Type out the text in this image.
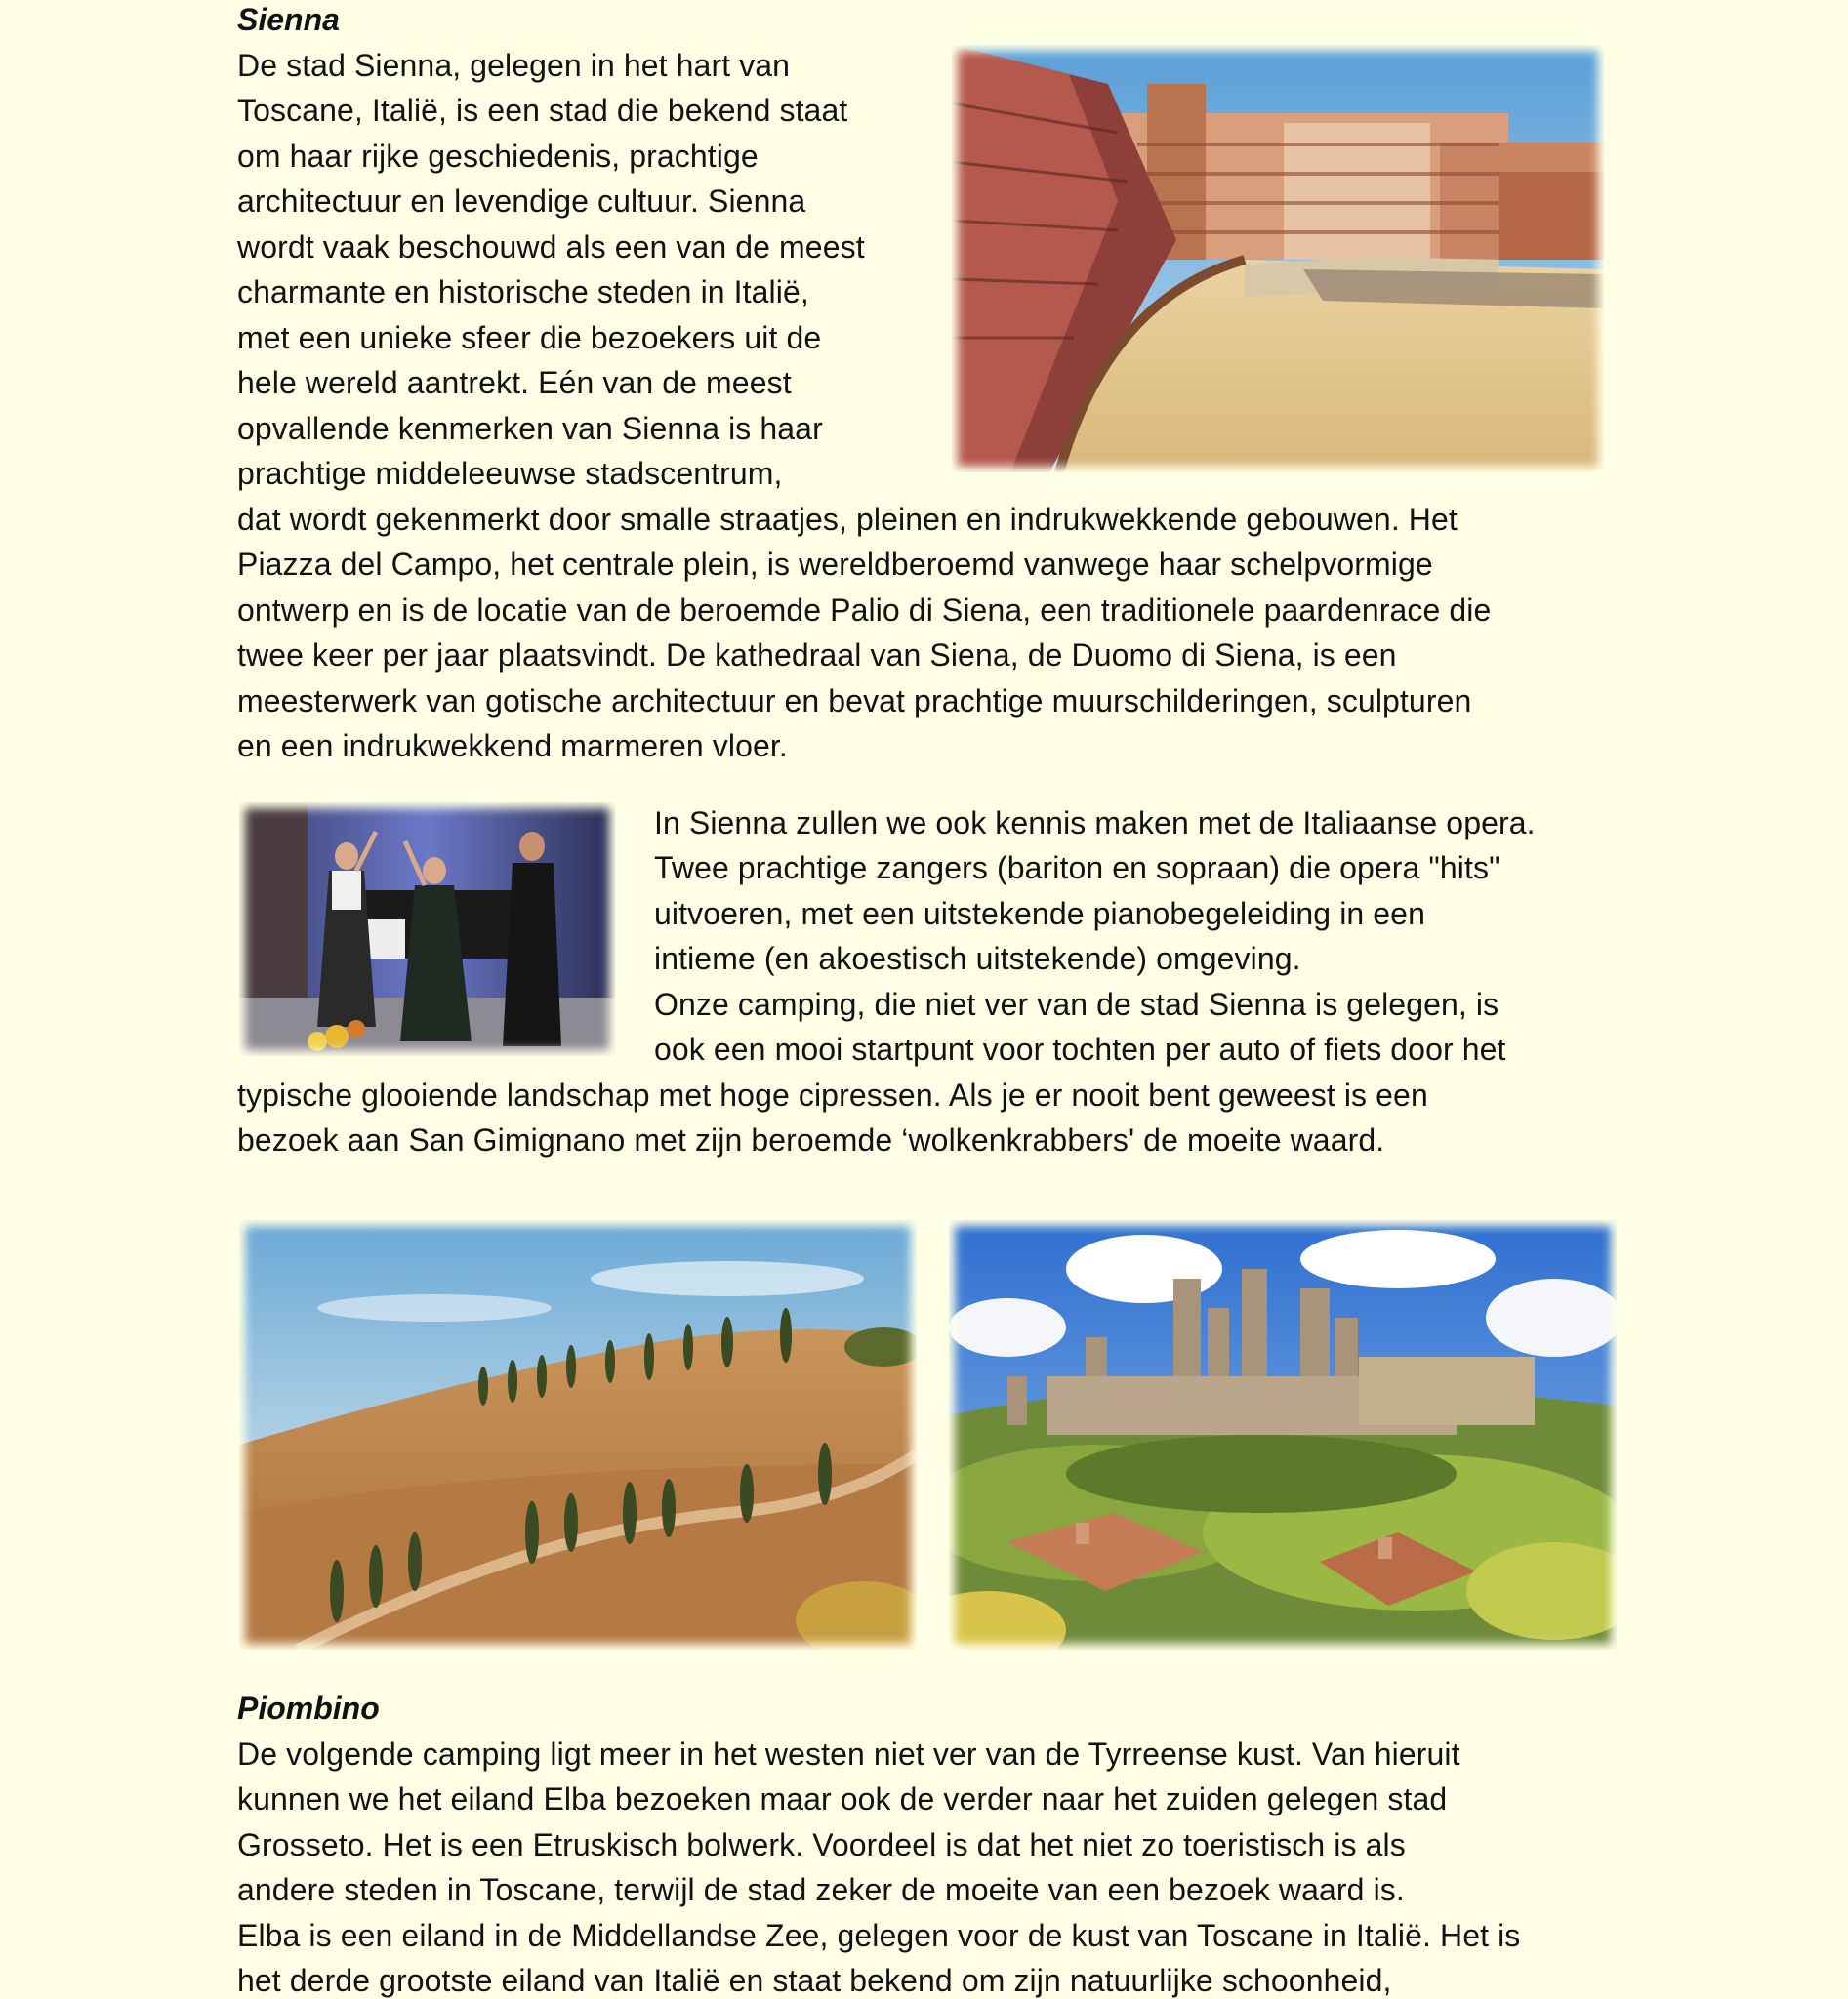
Sienna
De stad Sienna, gelegen in het hart van
Toscane, Italië, is een stad die bekend staat
om haar rijke geschiedenis, prachtige
architectuur en levendige cultuur. Sienna
wordt vaak beschouwd als een van de meest
charmante en historische steden in Italië,
met een unieke sfeer die bezoekers uit de
hele wereld aantrekt. Eén van de meest
opvallende kenmerken van Sienna is haar
prachtige middeleeuwse stadscentrum,
dat wordt gekenmerkt door smalle straatjes, pleinen en indrukwekkende gebouwen. Het
Piazza del Campo, het centrale plein, is wereldberoemd vanwege haar schelpvormige
ontwerp en is de locatie van de beroemde Palio di Siena, een traditionele paardenrace die
twee keer per jaar plaatsvindt. De kathedraal van Siena, de Duomo di Siena, is een
meesterwerk van gotische architectuur en bevat prachtige muurschilderingen, sculpturen
en een indrukwekkend marmeren vloer.
In Sienna zullen we ook kennis maken met de Italiaanse opera.
Twee prachtige zangers (bariton en sopraan) die opera "hits"
uitvoeren, met een uitstekende pianobegeleiding in een
intieme (en akoestisch uitstekende) omgeving.
Onze camping, die niet ver van de stad Sienna is gelegen, is
ook een mooi startpunt voor tochten per auto of fiets door het
typische glooiende landschap met hoge cipressen. Als je er nooit bent geweest is een
bezoek aan San Gimignano met zijn beroemde ‘wolkenkrabbers' de moeite waard.
Piombino
De volgende camping ligt meer in het westen niet ver van de Tyrreense kust. Van hieruit
kunnen we het eiland Elba bezoeken maar ook de verder naar het zuiden gelegen stad
Grosseto. Het is een Etruskisch bolwerk. Voordeel is dat het niet zo toeristisch is als
andere steden in Toscane, terwijl de stad zeker de moeite van een bezoek waard is.
Elba is een eiland in de Middellandse Zee, gelegen voor de kust van Toscane in Italië. Het is
het derde grootste eiland van Italië en staat bekend om zijn natuurlijke schoonheid,
